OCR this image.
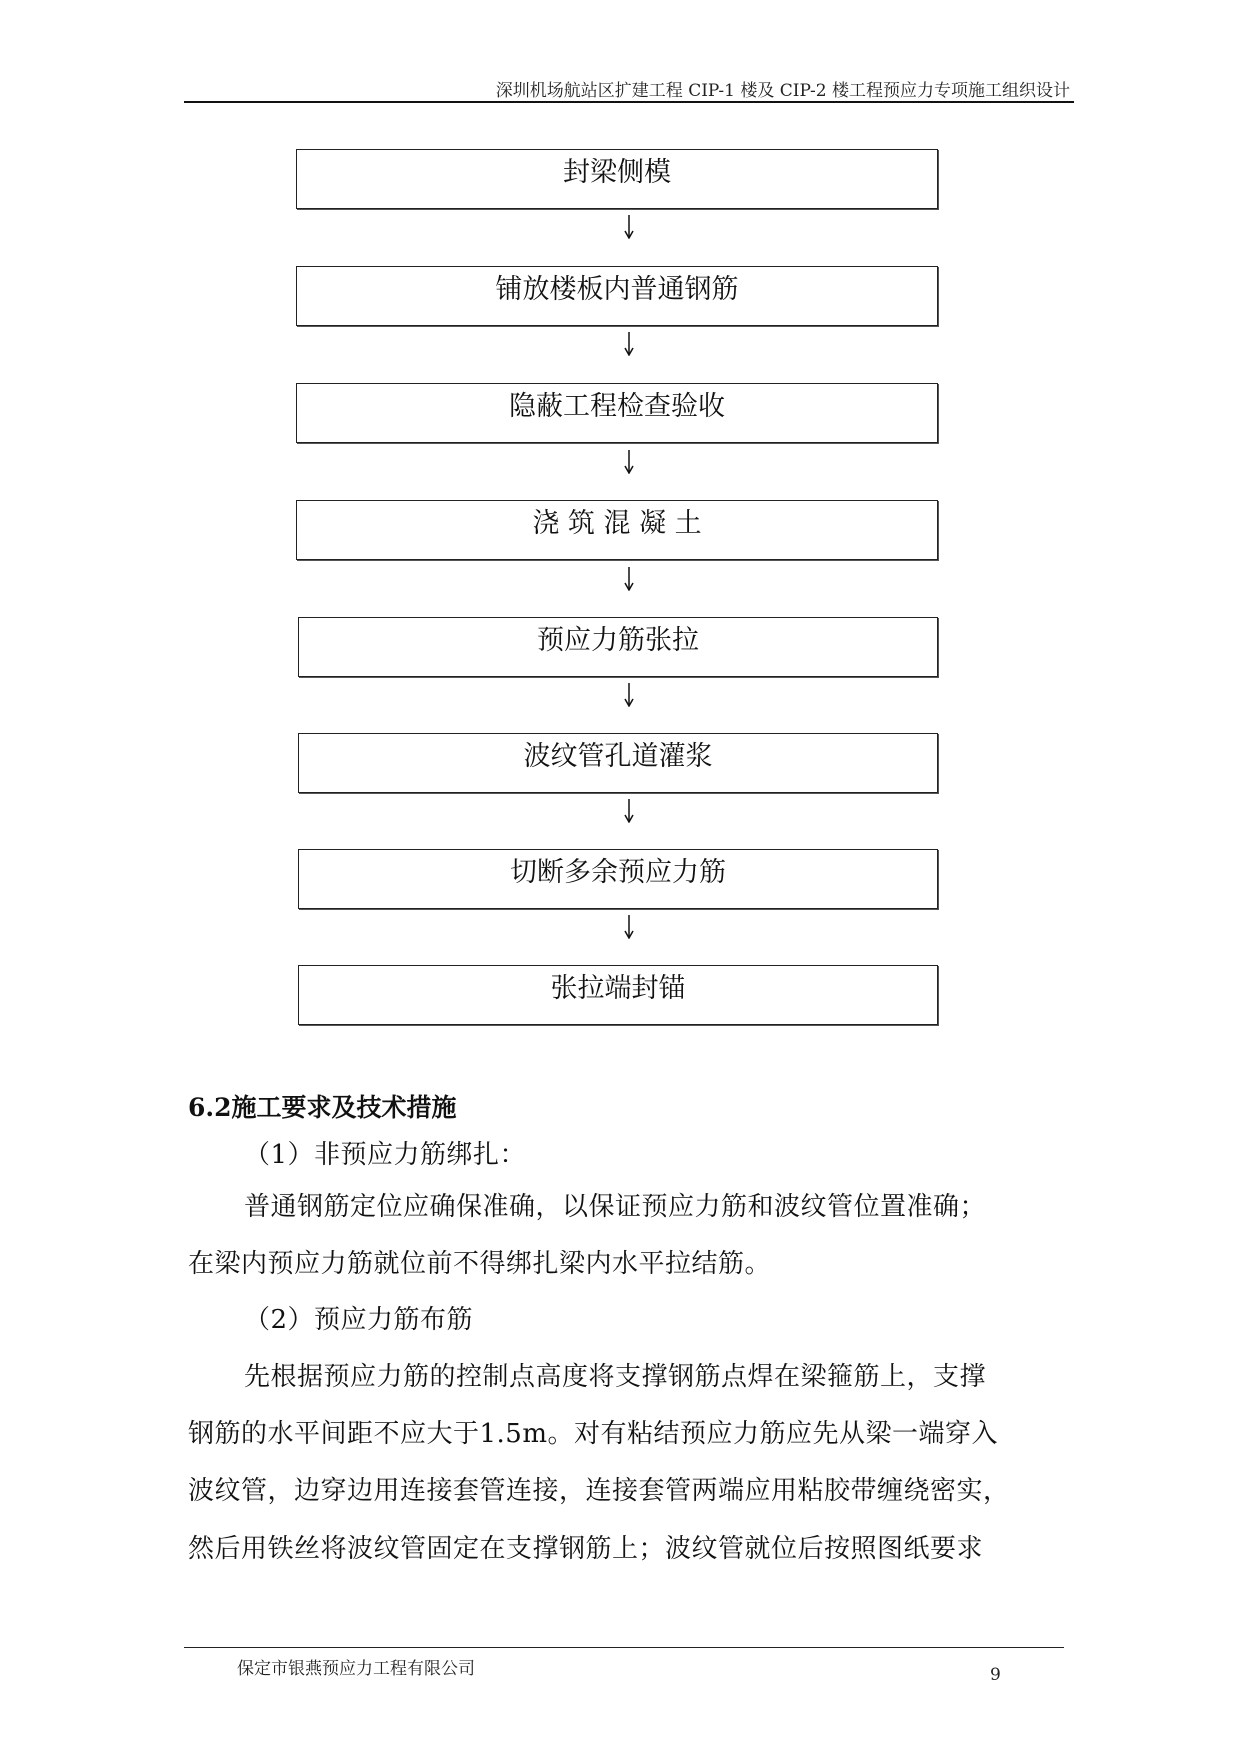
深圳机场航站区扩建工程 CIP-1 楼及 CIP-2 楼工程预应力专项施工组织设计
封梁侧模
铺放楼板内普通钢筋
隐蔽工程检查验收
浇 筑 混 凝 土
预应力筋张拉
波纹管孔道灌浆
切断多余预应力筋
张拉端封锚
6.2施工要求及技术措施
（1）非预应力筋绑扎：
普通钢筋定位应确保准确，以保证预应力筋和波纹管位置准确；
在梁内预应力筋就位前不得绑扎梁内水平拉结筋。
（2）预应力筋布筋
先根据预应力筋的控制点高度将支撑钢筋点焊在梁箍筋上，支撑
钢筋的水平间距不应大于1.5m。对有粘结预应力筋应先从梁一端穿入
波纹管，边穿边用连接套管连接，连接套管两端应用粘胶带缠绕密实，
然后用铁丝将波纹管固定在支撑钢筋上；波纹管就位后按照图纸要求
保定市银燕预应力工程有限公司	9
